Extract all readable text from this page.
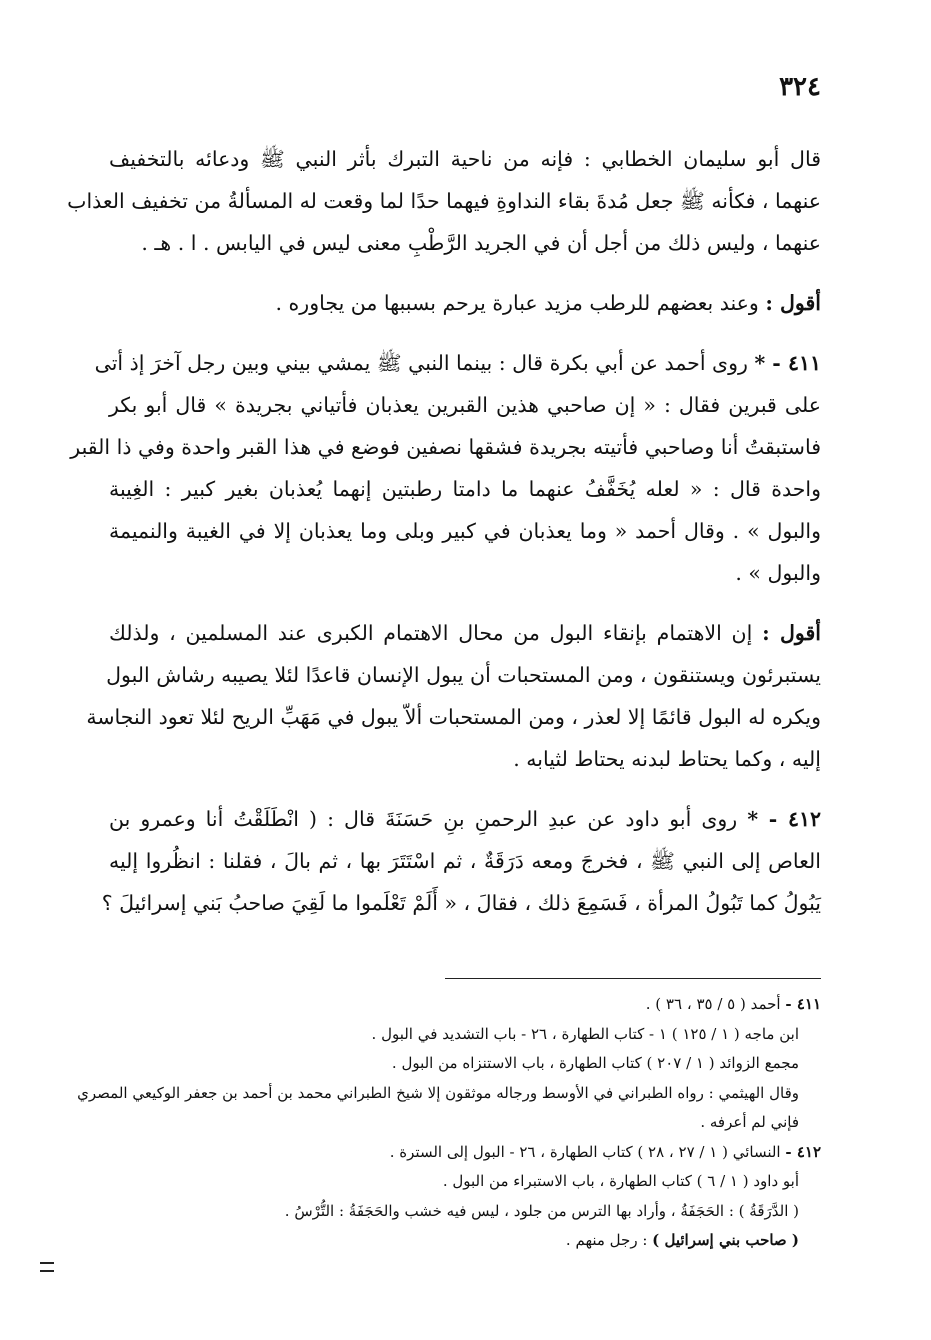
٣٢٤

قال أبو سليمان الخطابي : فإنه من ناحية التبرك بأثر النبي ﷺ ودعائه بالتخفيف
عنهما ، فكأنه ﷺ جعل مُدةَ بقاء النداوةِ فيهما حدًا لما وقعت له المسألةُ من تخفيف العذاب
عنهما ، وليس ذلك من أجل أن في الجريد الرَّطْبِ معنى ليس في اليابس . ا . هـ .

أقول : وعند بعضهم للرطب مزيد عبارة يرحم بسببها من يجاوره .

٤١١ - * روى أحمد عن أبي بكرة قال : بينما النبي ﷺ يمشي بيني وبين رجل آخرَ إذ أتى
على قبرين فقال : « إن صاحبي هذين القبرين يعذبان فأتياني بجريدة » قال أبو بكر
فاستبقتُ أنا وصاحبي فأتيته بجريدة فشقها نصفين فوضع في هذا القبر واحدة وفي ذا القبر
واحدة قال : « لعله يُخَفَّفُ عنهما ما دامتا رطبتين إنهما يُعذبان بغير كبير : الغِيبة
والبول » . وقال أحمد « وما يعذبان في كبير وبلى وما يعذبان إلا في الغيبة والنميمة
والبول » .

أقول : إن الاهتمام بإنقاء البول من محال الاهتمام الكبرى عند المسلمين ، ولذلك
يستبرئون ويستنقون ، ومن المستحبات أن يبول الإنسان قاعدًا لئلا يصيبه رشاش البول
ويكره له البول قائمًا إلا لعذر ، ومن المستحبات ألاّ يبول في مَهَبِّ الريح لئلا تعود النجاسة
إليه ، وكما يحتاط لبدنه يحتاط لثيابه .

٤١٢ - * روى أبو داود عن عبدِ الرحمنِ بنِ حَسَنَةَ قال : ( انْطَلَقْتُ أنا وعمرو بن
العاص إلى النبي ﷺ ، فخرجَ ومعه دَرَقَةٌ ، ثم اسْتَتَرَ بها ، ثم بالَ ، فقلنا : انظُروا إليه
يَبُولُ كما تَبُولُ المرأة ، فَسَمِعَ ذلك ، فقالَ ، « أَلَمْ تَعْلَموا ما لَقِيَ صاحبُ بَني إسرائيلَ ؟

٤١١ - أحمد ( ٥ / ٣٥ ، ٣٦ ) .
ابن ماجه ( ١ / ١٢٥ ) ١ - كتاب الطهارة ، ٢٦ - باب التشديد في البول .
مجمع الزوائد ( ١ / ٢٠٧ ) كتاب الطهارة ، باب الاستنزاه من البول .
وقال الهيثمي : رواه الطبراني في الأوسط ورجاله موثقون إلا شيخ الطبراني محمد بن أحمد بن جعفر الوكيعي المصري
فإني لم أعرفه .
٤١٢ - النسائي ( ١ / ٢٧ ، ٢٨ ) كتاب الطهارة ، ٢٦ - البول إلى السترة .
أبو داود ( ١ / ٦ ) كتاب الطهارة ، باب الاستبراء من البول .
( الدَّرَقَةُ ) : الحَجَفَةُ ، وأراد بها الترس من جلود ، ليس فيه خشب والحَجَفَةُ : التُّرْسُ .
( صاحب بني إسرائيل ) : رجل منهم .
